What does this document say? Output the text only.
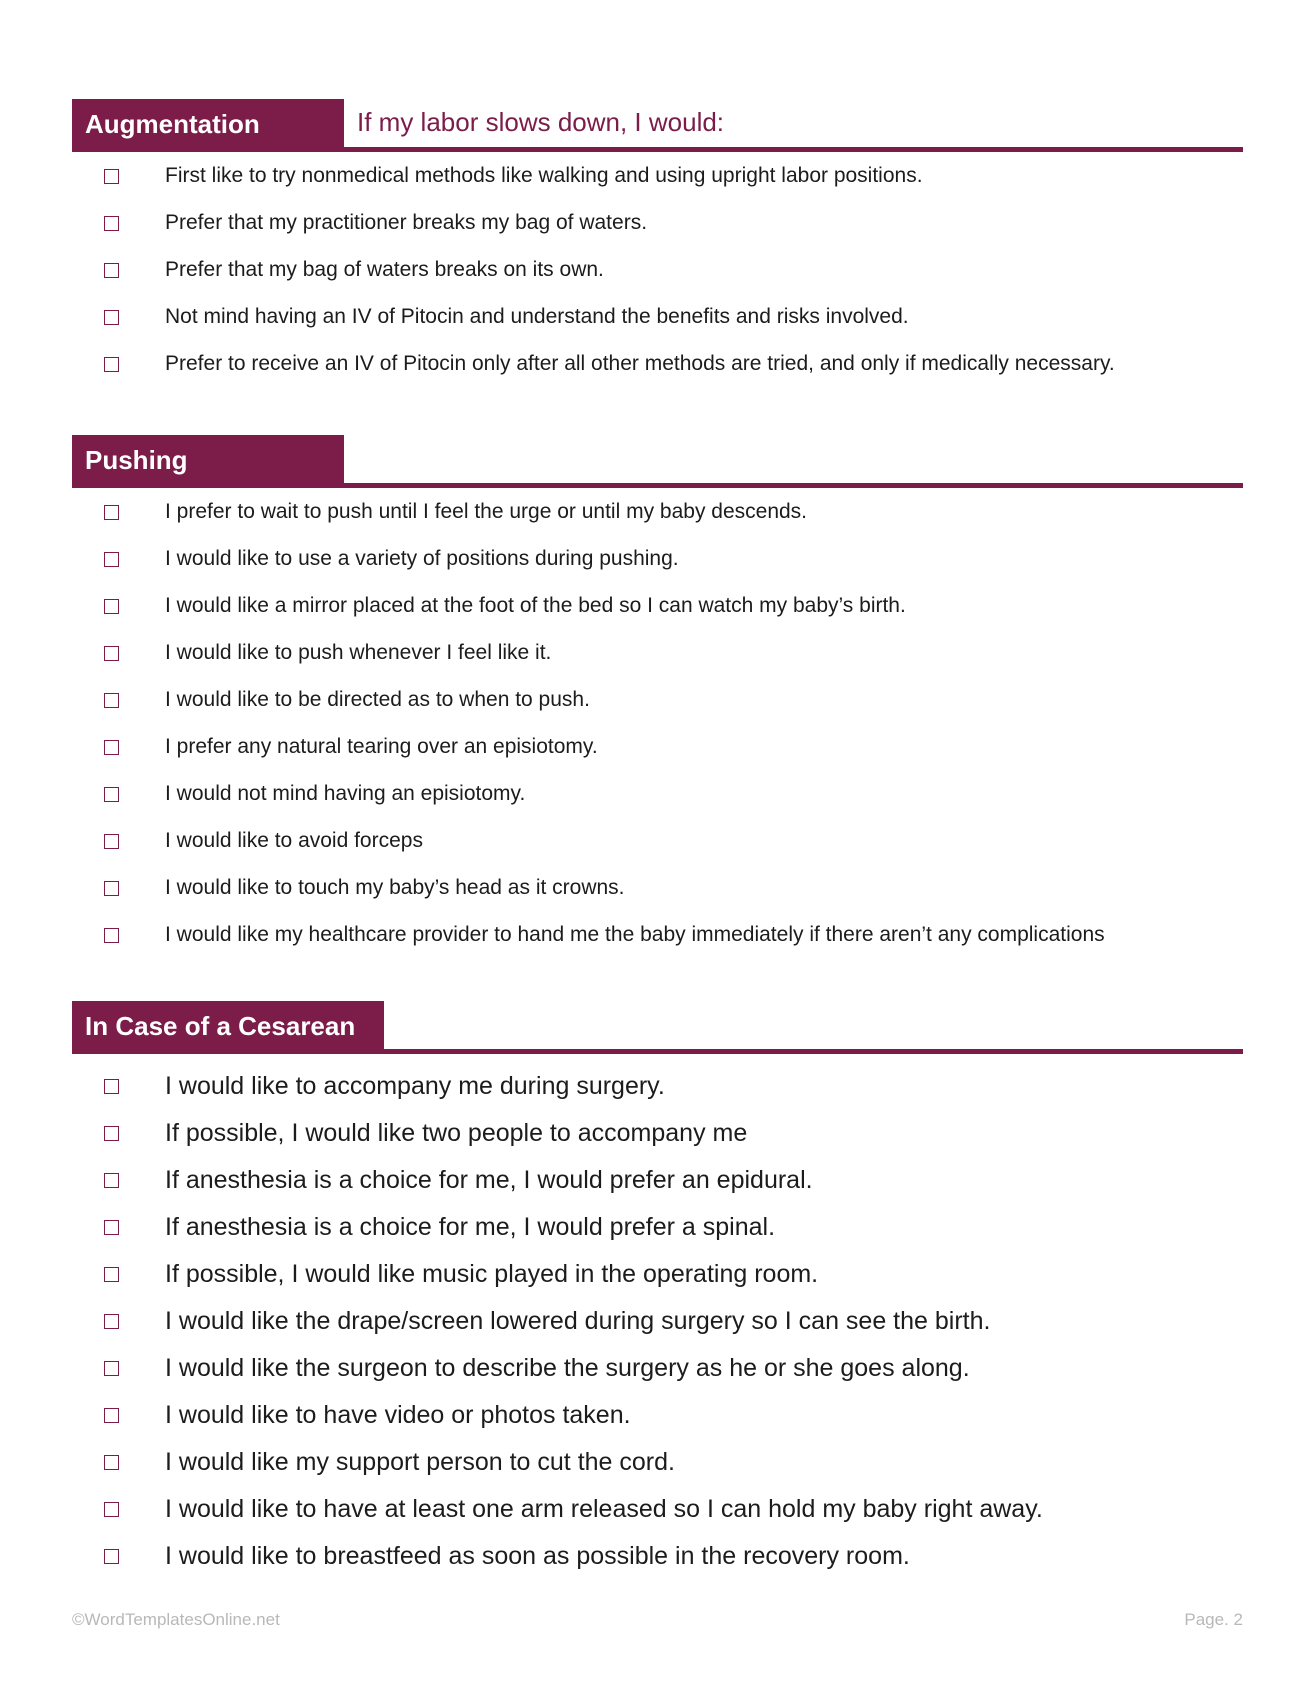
Augmentation	If my labor slows down, I would:
First like to try nonmedical methods like walking and using upright labor positions.
Prefer that my practitioner breaks my bag of waters.
Prefer that my bag of waters breaks on its own.
Not mind having an IV of Pitocin and understand the benefits and risks involved.
Prefer to receive an IV of Pitocin only after all other methods are tried, and only if medically necessary.
Pushing
I prefer to wait to push until I feel the urge or until my baby descends.
I would like to use a variety of positions during pushing.
I would like a mirror placed at the foot of the bed so I can watch my baby’s birth.
I would like to push whenever I feel like it.
I would like to be directed as to when to push.
I prefer any natural tearing over an episiotomy.
I would not mind having an episiotomy.
I would like to avoid forceps
I would like to touch my baby’s head as it crowns.
I would like my healthcare provider to hand me the baby immediately if there aren’t any complications
In Case of a Cesarean
I would like to accompany me during surgery.
If possible, I would like two people to accompany me
If anesthesia is a choice for me, I would prefer an epidural.
If anesthesia is a choice for me, I would prefer a spinal.
If possible, I would like music played in the operating room.
I would like the drape/screen lowered during surgery so I can see the birth.
I would like the surgeon to describe the surgery as he or she goes along.
I would like to have video or photos taken.
I would like my support person to cut the cord.
I would like to have at least one arm released so I can hold my baby right away.
I would like to breastfeed as soon as possible in the recovery room.
©WordTemplatesOnline.net	Page. 2
